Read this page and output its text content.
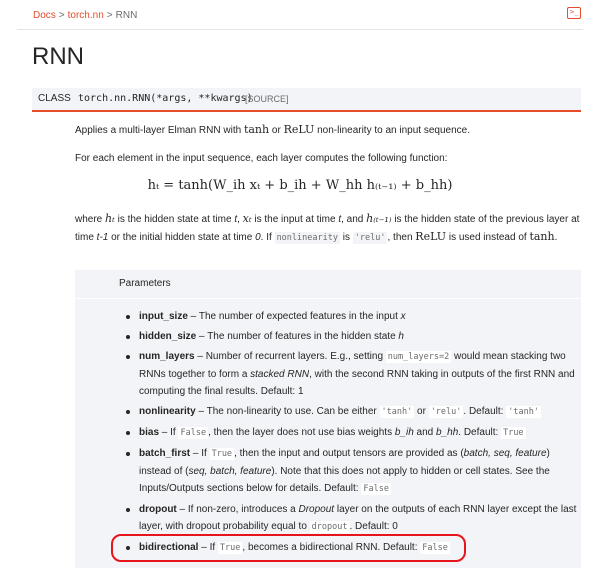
Docs > torch.nn > RNN	>_
RNN
CLASS torch.nn.RNN(*args, **kwargs)
[SOURCE]
Applies a multi-layer Elman RNN with tanh or ReLU non-linearity to an input sequence.
For each element in the input sequence, each layer computes the following function:
hₜ = tanh(W_ih xₜ + b_ih + W_hh h₍ₜ₋₁₎ + b_hh)
where hₜ is the hidden state at time t, xₜ is the input at time t, and h₍ₜ₋₁₎ is the hidden state of the previous layer at time t-1 or the initial hidden state at time 0. If nonlinearity is 'relu' , then ReLU is used instead of tanh.
Parameters
input_size – The number of expected features in the input x
hidden_size – The number of features in the hidden state h
num_layers – Number of recurrent layers. E.g., setting num_layers=2 would mean stacking two RNNs together to form a stacked RNN, with the second RNN taking in outputs of the first RNN and computing the final results. Default: 1
nonlinearity – The non-linearity to use. Can be either 'tanh' or 'relu' . Default: 'tanh'
bias – If False , then the layer does not use bias weights b_ih and b_hh. Default: True
batch_first – If True , then the input and output tensors are provided as (batch, seq, feature) instead of (seq, batch, feature). Note that this does not apply to hidden or cell states. See the Inputs/Outputs sections below for details. Default: False
dropout – If non-zero, introduces a Dropout layer on the outputs of each RNN layer except the last layer, with dropout probability equal to dropout . Default: 0
bidirectional – If True , becomes a bidirectional RNN. Default: False
